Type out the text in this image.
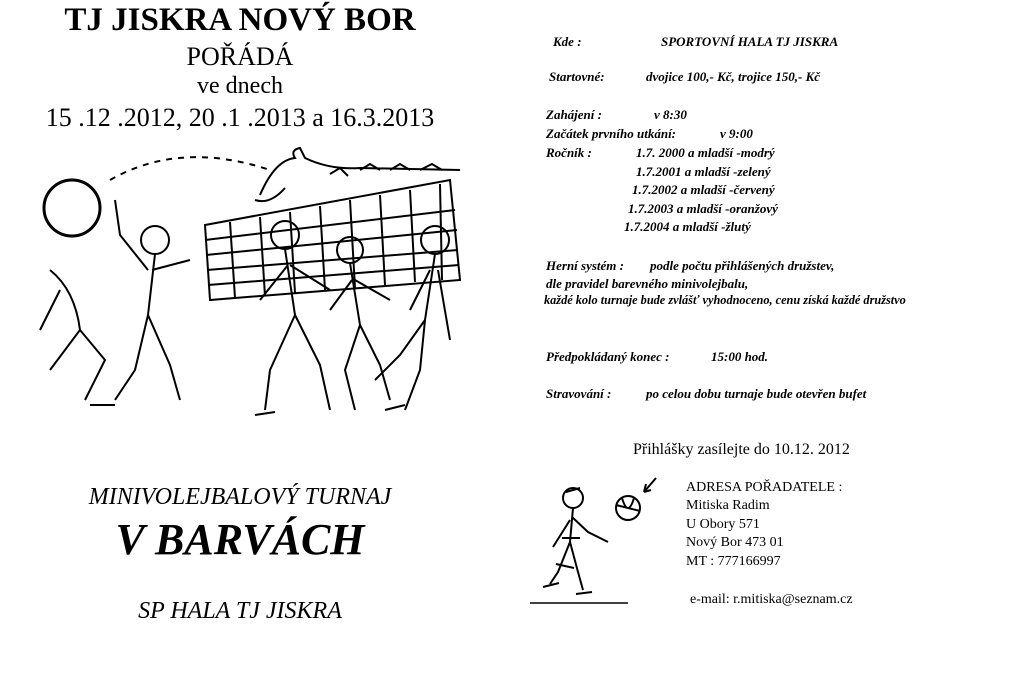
TJ JISKRA NOVÝ BOR
POŘÁDÁ
ve dnech
15 .12 .2012, 20 .1 .2013 a 16.3.2013
MINIVOLEJBALOVÝ TURNAJ
V BARVÁCH
SP HALA TJ JISKRA
Kde :	SPORTOVNÍ HALA TJ JISKRA
Startovné:	dvojice 100,- Kč, trojice 150,- Kč
Zahájení :	v 8:30
Začátek prvního utkání:	v 9:00
Ročník :	1.7. 2000 a mladší -modrý
1.7.2001 a mladší -zelený
1.7.2002 a mladší -červený
1.7.2003 a mladší -oranžový
1.7.2004 a mladší -žlutý
Herní systém : podle počtu přihlášených družstev,
dle pravidel barevného minivolejbalu,
každé kolo turnaje bude zvlášť vyhodnoceno, cenu získá každé družstvo
Předpokládaný konec :	15:00 hod.
Stravování :	po celou dobu turnaje bude otevřen bufet
Přihlášky zasílejte do 10.12. 2012
ADRESA POŘADATELE :
Mitiska Radim
U Obory 571
Nový Bor 473 01
MT : 777166997
e-mail: r.mitiska@seznam.cz
